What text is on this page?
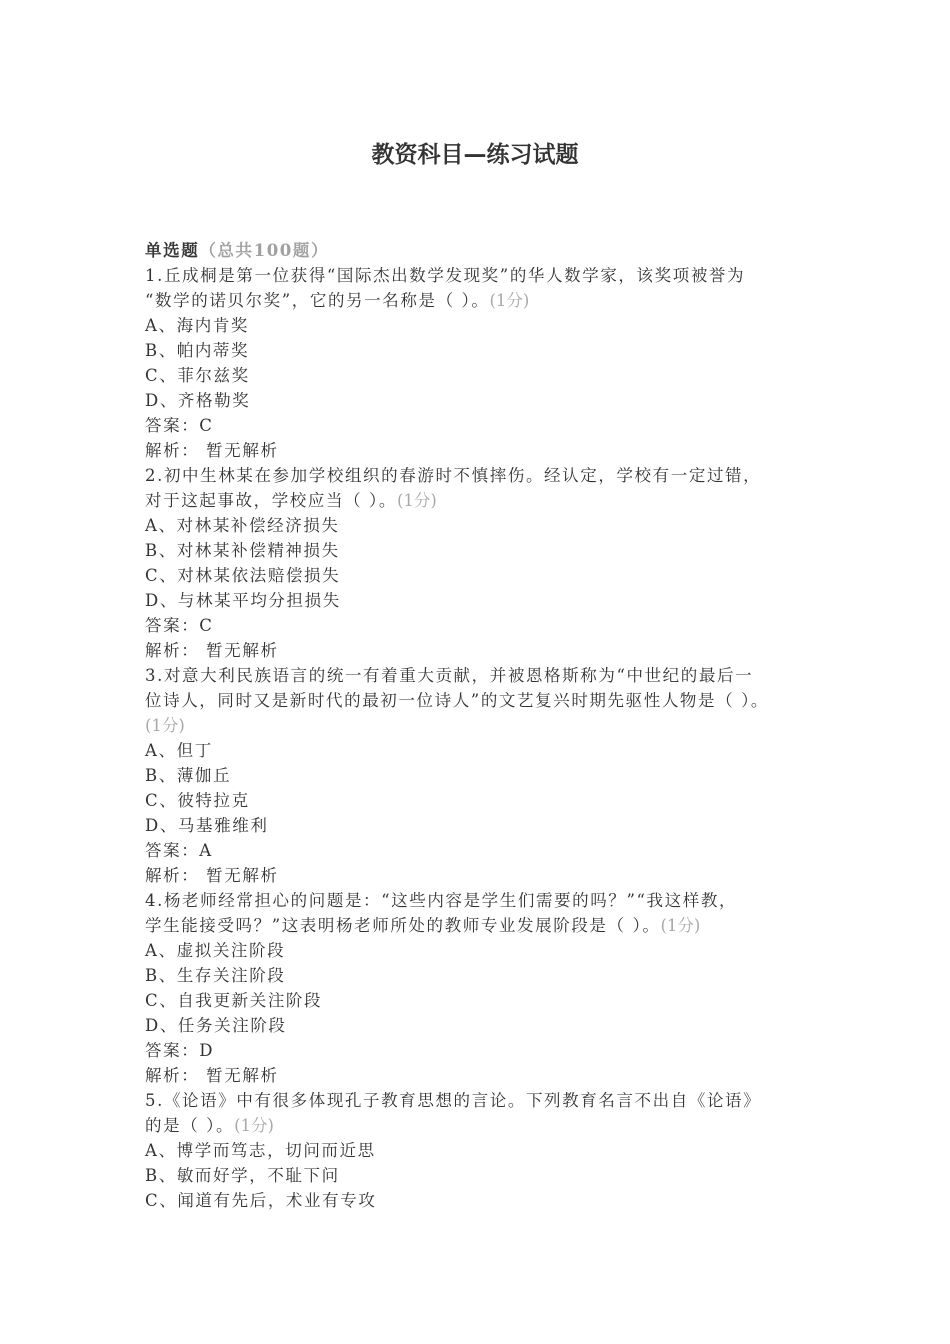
教资科目—练习试题
单选题（总共100题）
1.丘成桐是第一位获得“国际杰出数学发现奖”的华人数学家，该奖项被誉为
“数学的诺贝尔奖”，它的另一名称是（ ）。(1分)
A、海内肯奖
B、帕内蒂奖
C、菲尔兹奖
D、齐格勒奖
答案：C
解析： 暂无解析
2.初中生林某在参加学校组织的春游时不慎摔伤。经认定，学校有一定过错，
对于这起事故，学校应当（ ）。(1分)
A、对林某补偿经济损失
B、对林某补偿精神损失
C、对林某依法赔偿损失
D、与林某平均分担损失
答案：C
解析： 暂无解析
3.对意大利民族语言的统一有着重大贡献，并被恩格斯称为“中世纪的最后一
位诗人，同时又是新时代的最初一位诗人”的文艺复兴时期先驱性人物是（ ）。
(1分)
A、但丁
B、薄伽丘
C、彼特拉克
D、马基雅维利
答案：A
解析： 暂无解析
4.杨老师经常担心的问题是：“这些内容是学生们需要的吗？”“我这样教，
学生能接受吗？”这表明杨老师所处的教师专业发展阶段是（ ）。(1分)
A、虚拟关注阶段
B、生存关注阶段
C、自我更新关注阶段
D、任务关注阶段
答案：D
解析： 暂无解析
5.《论语》中有很多体现孔子教育思想的言论。下列教育名言不出自《论语》
的是（ ）。(1分)
A、博学而笃志，切问而近思
B、敏而好学，不耻下问
C、闻道有先后，术业有专攻
